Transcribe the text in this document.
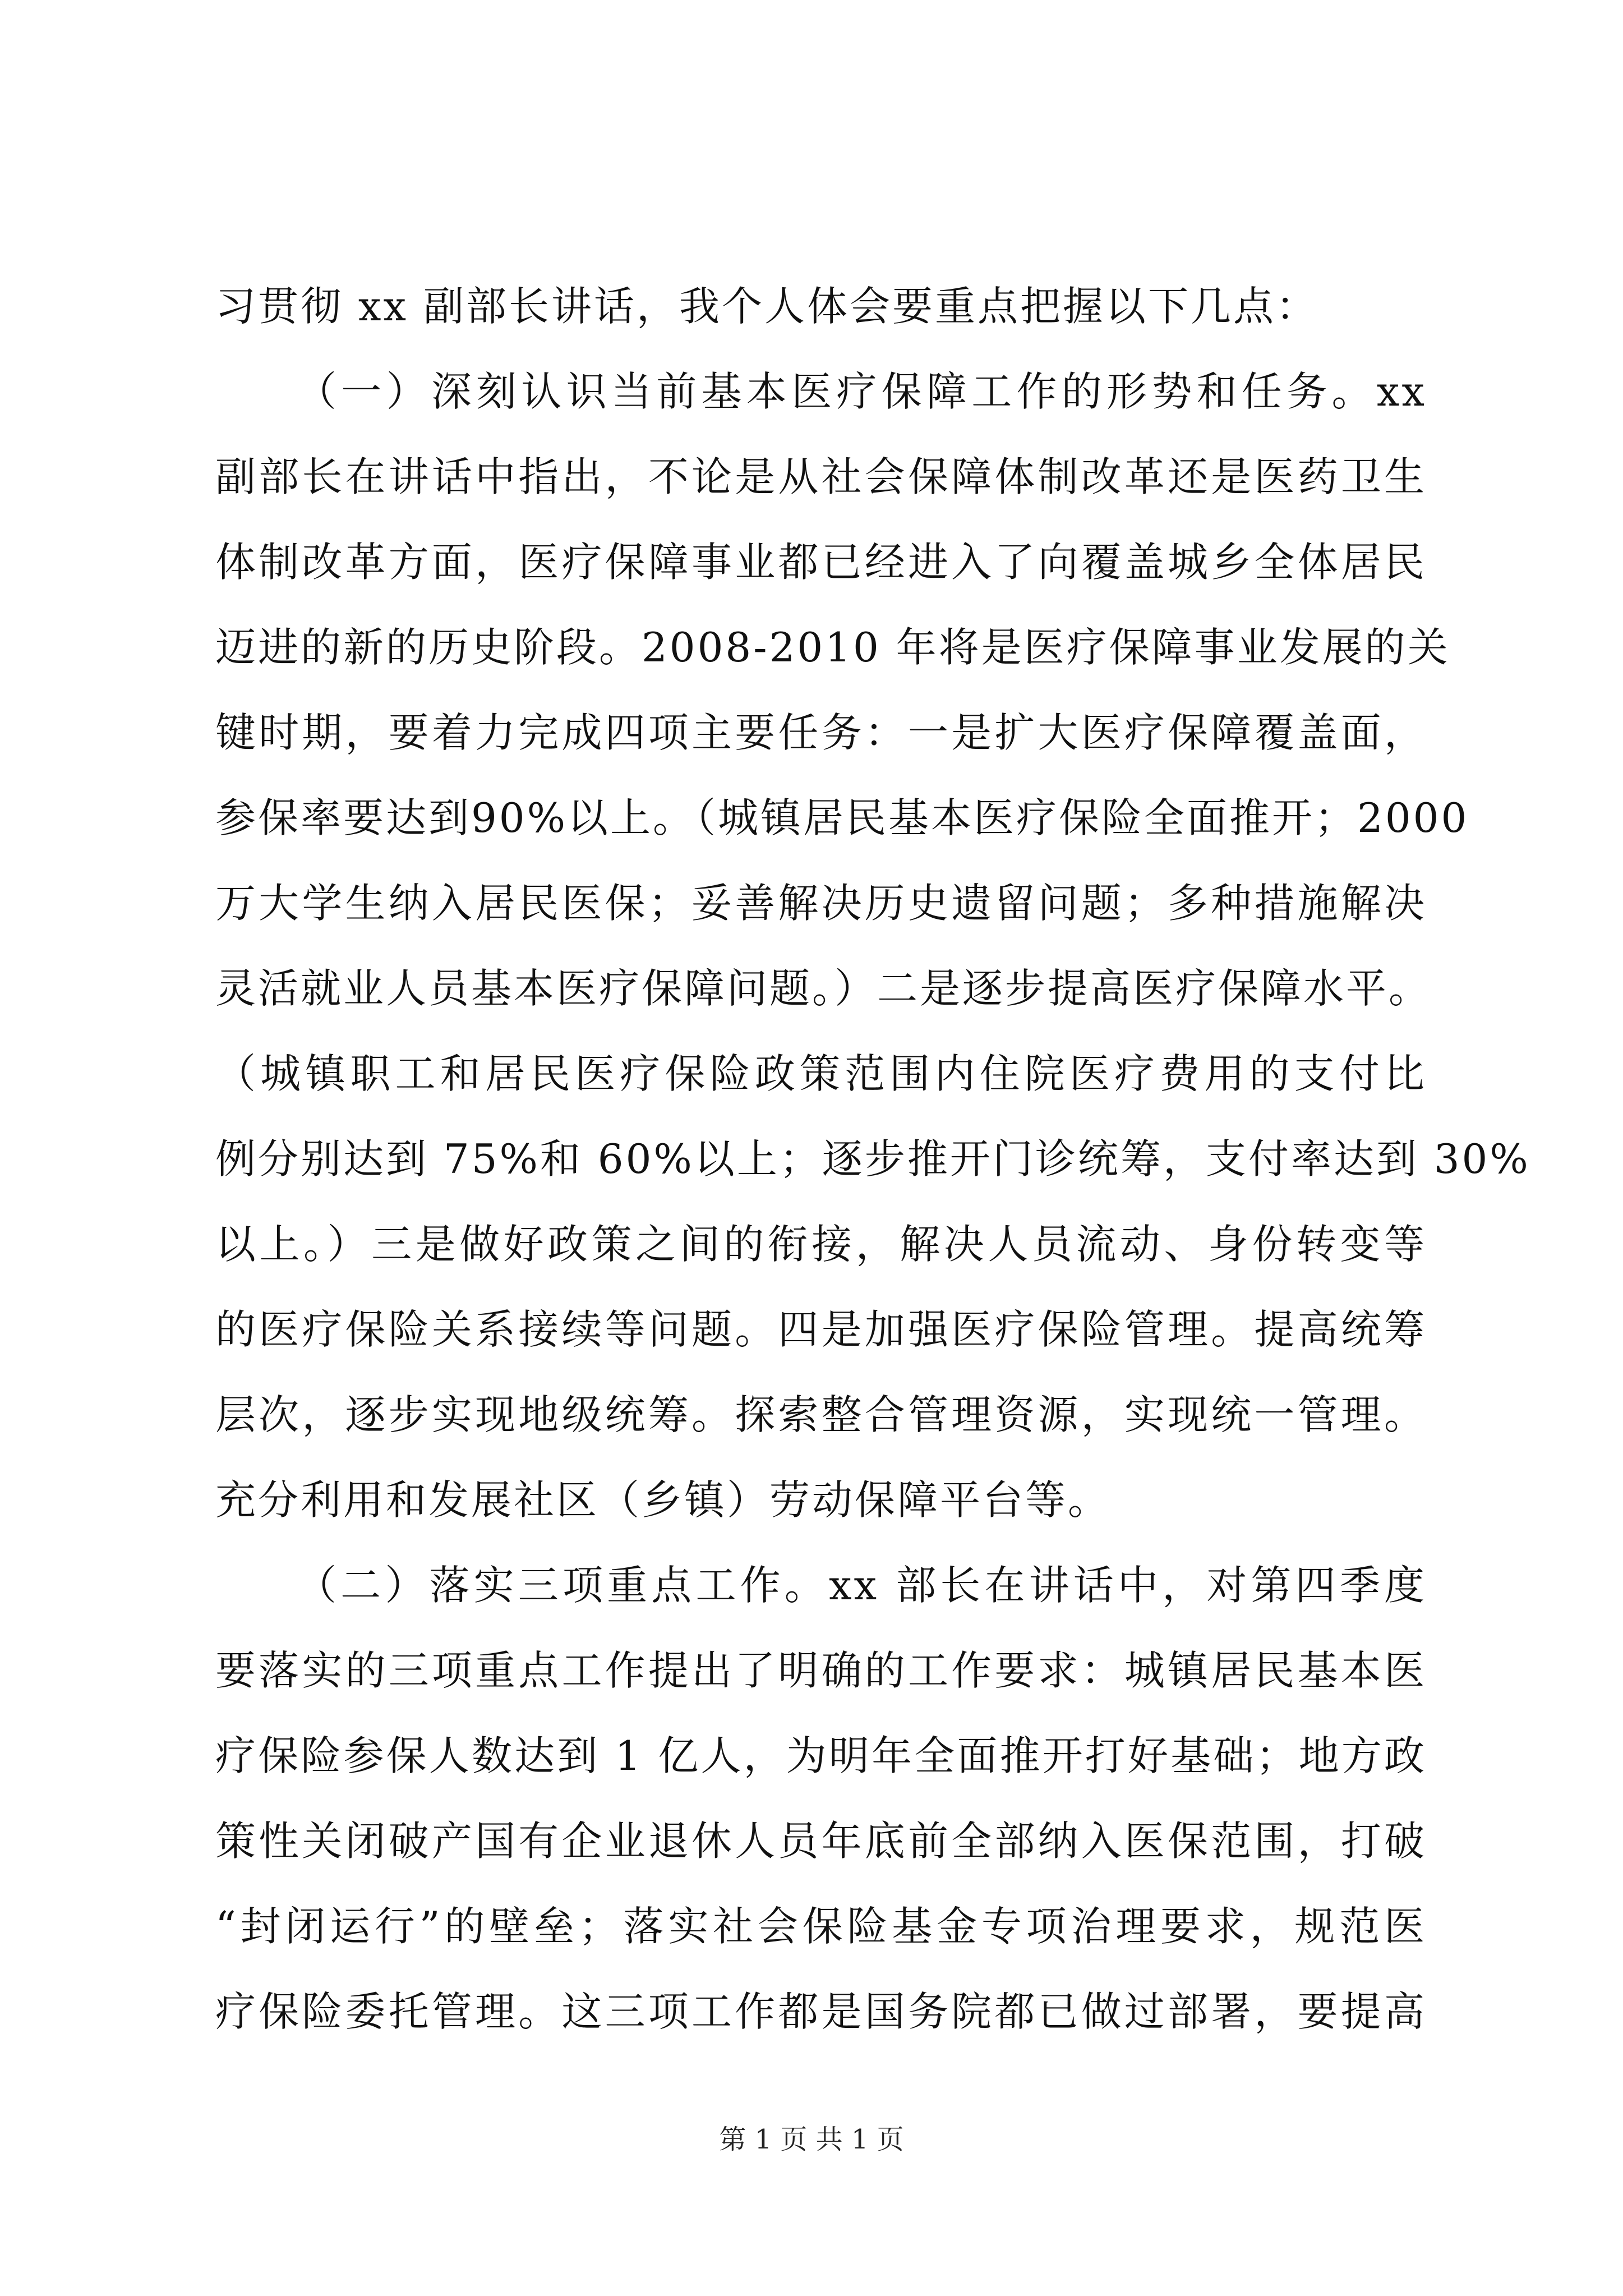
习贯彻 xx 副部长讲话，我个人体会要重点把握以下几点：
（一）深刻认识当前基本医疗保障工作的形势和任务。xx
副部长在讲话中指出，不论是从社会保障体制改革还是医药卫生
体制改革方面，医疗保障事业都已经进入了向覆盖城乡全体居民
迈进的新的历史阶段。2008-2010 年将是医疗保障事业发展的关
键时期，要着力完成四项主要任务：一是扩大医疗保障覆盖面，
参保率要达到90%以上。（城镇居民基本医疗保险全面推开；2000
万大学生纳入居民医保；妥善解决历史遗留问题；多种措施解决
灵活就业人员基本医疗保障问题。）二是逐步提高医疗保障水平。
（城镇职工和居民医疗保险政策范围内住院医疗费用的支付比
例分别达到 75%和 60%以上；逐步推开门诊统筹，支付率达到 30%
以上。）三是做好政策之间的衔接，解决人员流动、身份转变等
的医疗保险关系接续等问题。四是加强医疗保险管理。提高统筹
层次，逐步实现地级统筹。探索整合管理资源，实现统一管理。
充分利用和发展社区（乡镇）劳动保障平台等。
（二）落实三项重点工作。xx 部长在讲话中，对第四季度
要落实的三项重点工作提出了明确的工作要求：城镇居民基本医
疗保险参保人数达到 1 亿人，为明年全面推开打好基础；地方政
策性关闭破产国有企业退休人员年底前全部纳入医保范围，打破
“封闭运行”的壁垒；落实社会保险基金专项治理要求，规范医
疗保险委托管理。这三项工作都是国务院都已做过部署，要提高
第 1 页 共 1 页
